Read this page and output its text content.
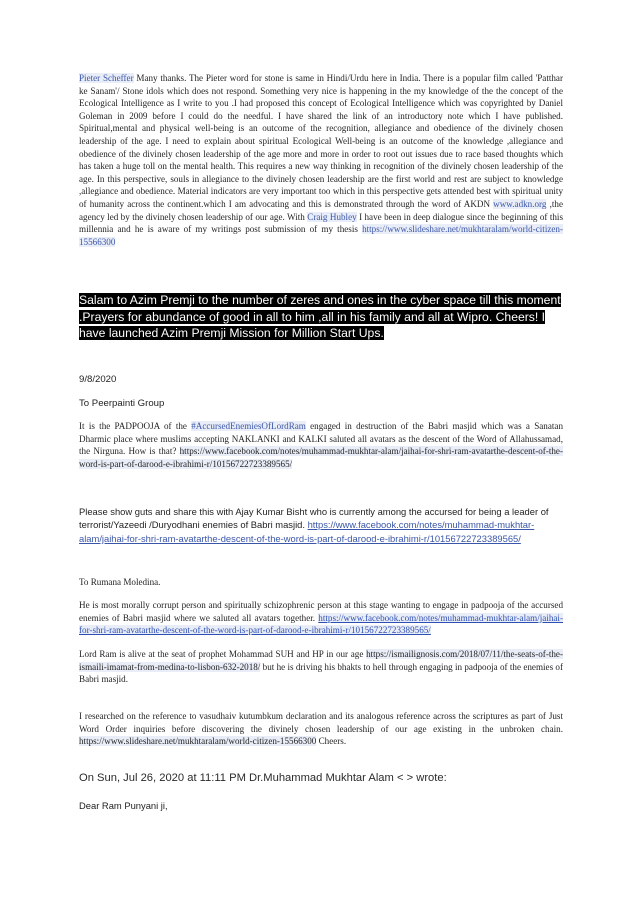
Pieter Scheffer Many thanks. The Pieter word for stone is same in Hindi/Urdu here in India. There is a popular film called 'Patthar ke Sanam'/ Stone idols which does not respond. Something very nice is happening in the my knowledge of the the concept of the Ecological Intelligence as I write to you .I had proposed this concept of Ecological Intelligence which was copyrighted by Daniel Goleman in 2009 before I could do the needful. I have shared the link of an introductory note which I have published. Spiritual,mental and physical well-being is an outcome of the recognition, allegiance and obedience of the divinely chosen leadership of the age. I need to explain about spiritual Ecological Well-being is an outcome of the knowledge ,allegiance and obedience of the divinely chosen leadership of the age more and more in order to root out issues due to race based thoughts which has taken a huge toll on the mental health. This requires a new way thinking in recognition of the divinely chosen leadership of the age. In this perspective, souls in allegiance to the divinely chosen leadership are the first world and rest are subject to knowledge ,allegiance and obedience. Material indicators are very important too which in this perspective gets attended best with spiritual unity of humanity across the continent.which I am advocating and this is demonstrated through the word of AKDN www.adkn.org ,the agency led by the divinely chosen leadership of our age. With Craig Hubley I have been in deep dialogue since the beginning of this millennia and he is aware of my writings post submission of my thesis https://www.slideshare.net/mukhtaralam/world-citizen-15566300

Salam to Azim Premji to the number of zeres and ones in the cyber space till this moment .Prayers for abundance of good in all to him ,all in his family and all at Wipro. Cheers! I have launched Azim Premji Mission for Million Start Ups.

9/8/2020

To Peerpainti Group

It is the PADPOOJA of the #AccursedEnemiesOfLordRam engaged in destruction of the Babri masjid which was a Sanatan Dharmic place where muslims accepting NAKLANKI and KALKI saluted all avatars as the descent of the Word of Allahussamad, the Nirguna. How is that? https://www.facebook.com/notes/muhammad-mukhtar-alam/jaihai-for-shri-ram-avatarthe-descent-of-the-word-is-part-of-darood-e-ibrahimi-r/10156722723389565/

Please show guts and share this with Ajay Kumar Bisht who is currently among the accursed for being a leader of terrorist/Yazeedi /Duryodhani enemies of Babri masjid. https://www.facebook.com/notes/muhammad-mukhtar-alam/jaihai-for-shri-ram-avatarthe-descent-of-the-word-is-part-of-darood-e-ibrahimi-r/10156722723389565/

To Rumana Moledina.

He is most morally corrupt person and spiritually schizophrenic person at this stage wanting to engage in padpooja of the accursed enemies of Babri masjid where we saluted all avatars together. https://www.facebook.com/notes/muhammad-mukhtar-alam/jaihai-for-shri-ram-avatarthe-descent-of-the-word-is-part-of-darood-e-ibrahimi-r/10156722723389565/

Lord Ram is alive at the seat of prophet Mohammad SUH and HP in our age https://ismailignosis.com/2018/07/11/the-seats-of-the-ismaili-imamat-from-medina-to-lisbon-632-2018/ but he is driving his bhakts to hell through engaging in padpooja of the enemies of Babri masjid.

I researched on the reference to vasudhaiv kutumbkum declaration and its analogous reference across the scriptures as part of Just Word Order inquiries before discovering the divinely chosen leadership of our age existing in the unbroken chain. https://www.slideshare.net/mukhtaralam/world-citizen-15566300 Cheers.

On Sun, Jul 26, 2020 at 11:11 PM Dr.Muhammad Mukhtar Alam < > wrote:

Dear Ram Punyani ji,
